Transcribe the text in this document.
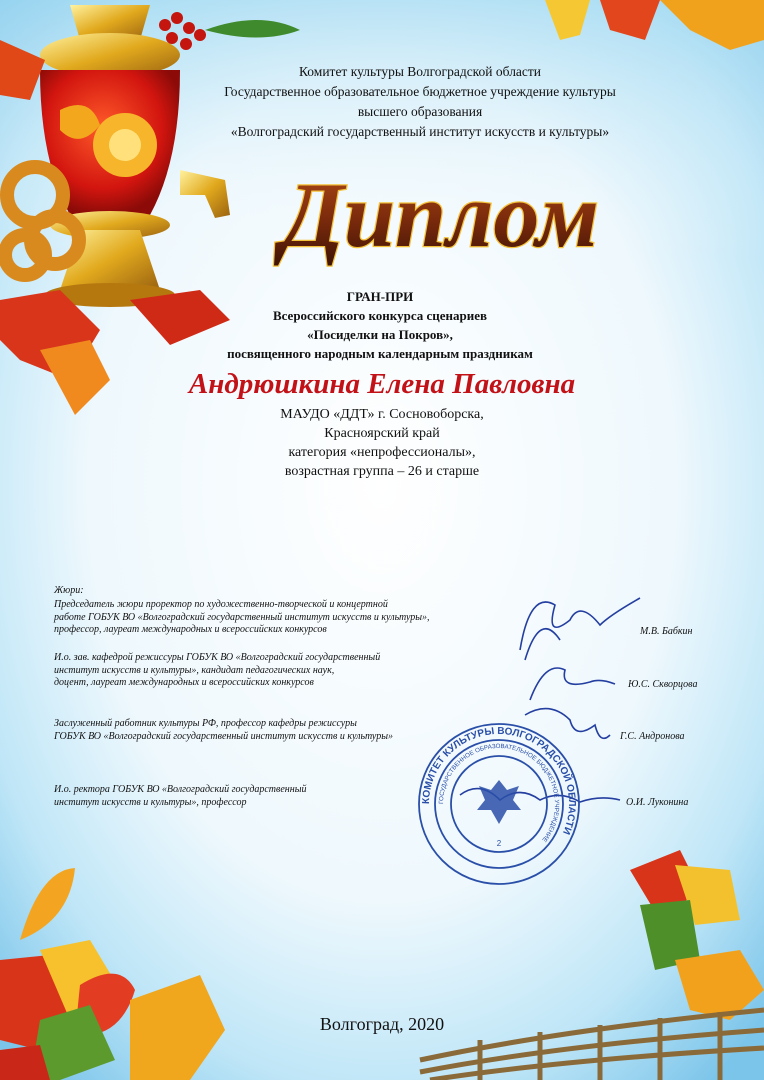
КОМИТЕТ КУЛЬТУРЫ ВОЛГОГРАДСКОЙ ОБЛАСТИ
ГОСУДАРСТВЕННОЕ ОБРАЗОВАТЕЛЬНОЕ БЮДЖЕТНОЕ УЧРЕЖДЕНИЕ
2
Комитет культуры Волгоградской области
Государственное образовательное бюджетное учреждение культуры
высшего образования
«Волгоградский государственный институт искусств и культуры»
Диплом
ГРАН-ПРИ
Всероссийского конкурса сценариев
«Посиделки на Покров»,
посвященного народным календарным праздникам
Андрюшкина Елена Павловна
МАУДО «ДДТ» г. Сосновоборска,
Красноярский край
категория «непрофессионалы»,
возрастная группа – 26 и старше
Жюри:
Председатель жюри проректор по художественно-творческой и концертной
работе ГОБУК ВО «Волгоградский государственный институт искусств и культуры»,
профессор, лауреат международных и всероссийских конкурсов	М.В. Бабкин
И.о. зав. кафедрой режиссуры ГОБУК ВО «Волгоградский государственный
институт искусств и культуры», кандидат педагогических наук,
доцент, лауреат международных и всероссийских конкурсов	Ю.С. Скворцова
Заслуженный работник культуры РФ, профессор кафедры режиссуры
ГОБУК ВО «Волгоградский государственный институт искусств и культуры»	Г.С. Андронова
И.о. ректора ГОБУК ВО «Волгоградский государственный
институт искусств и культуры», профессор	О.И. Луконина
Волгоград, 2020
